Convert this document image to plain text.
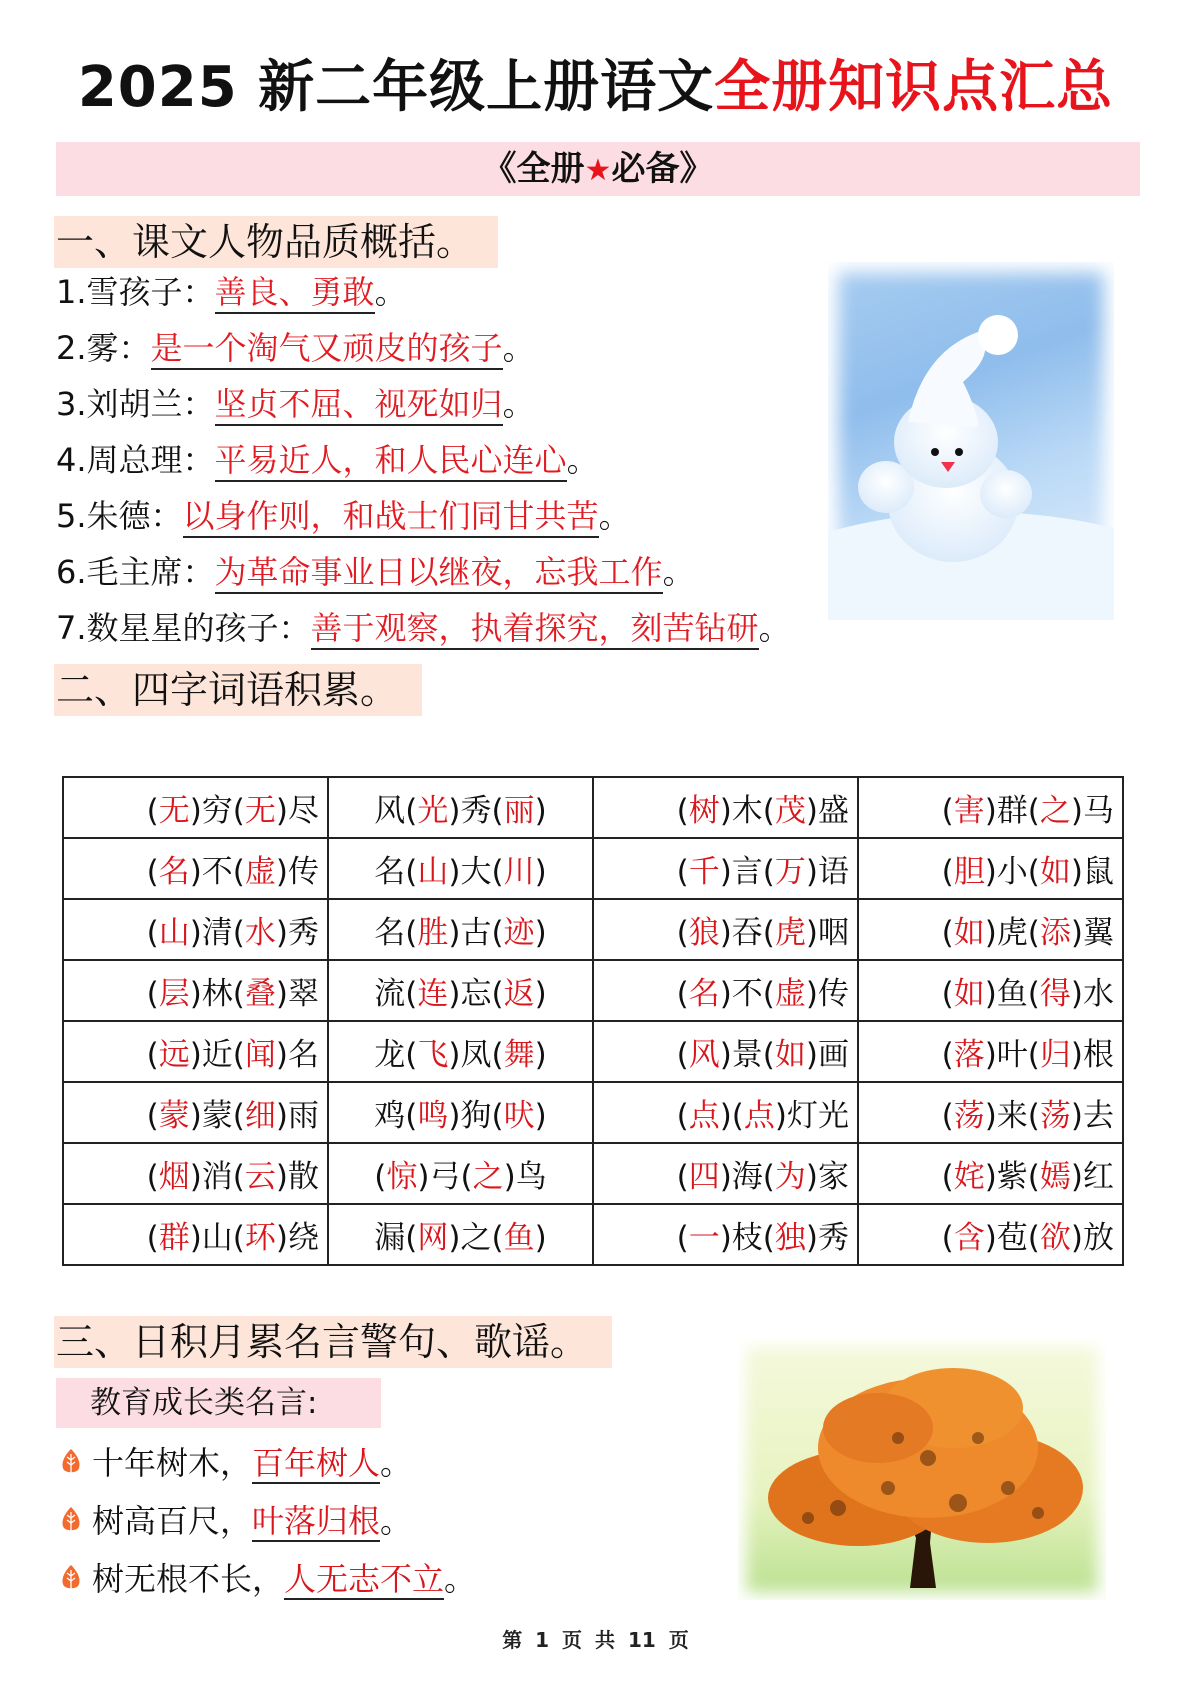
2025 新二年级上册语文全册知识点汇总
《全册★必备》
一、课文人物品质概括。
1.雪孩子：善良、勇敢。
2.雾：是一个淘气又顽皮的孩子。
3.刘胡兰：坚贞不屈、视死如归。
4.周总理：平易近人，和人民心连心。
5.朱德：以身作则，和战士们同甘共苦。
6.毛主席：为革命事业日以继夜，忘我工作。
7.数星星的孩子：善于观察，执着探究，刻苦钻研。
二、四字词语积累。
(无)穷(无)尽	风(光)秀(丽)	(树)木(茂)盛	(害)群(之)马
(名)不(虚)传	名(山)大(川)	(千)言(万)语	(胆)小(如)鼠
(山)清(水)秀	名(胜)古(迹)	(狼)吞(虎)咽	(如)虎(添)翼
(层)林(叠)翠	流(连)忘(返)	(名)不(虚)传	(如)鱼(得)水
(远)近(闻)名	龙(飞)凤(舞)	(风)景(如)画	(落)叶(归)根
(蒙)蒙(细)雨	鸡(鸣)狗(吠)	(点)(点)灯光	(荡)来(荡)去
(烟)消(云)散	(惊)弓(之)鸟	(四)海(为)家	(姹)紫(嫣)红
(群)山(环)绕	漏(网)之(鱼)	(一)枝(独)秀	(含)苞(欲)放
三、日积月累名言警句、歌谣。
教育成长类名言:
十年树木，百年树人。
树高百尺，叶落归根。
树无根不长，人无志不立。
第 1 页 共 11 页
